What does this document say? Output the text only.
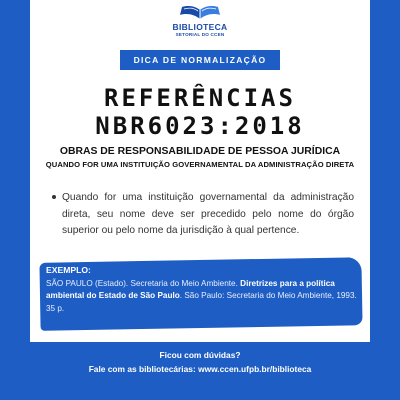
BIBLIOTECA
SETORIAL DO CCEN
DICA DE NORMALIZAÇÃO
REFERÊNCIAS
NBR6023:2018
OBRAS DE RESPONSABILIDADE DE PESSOA JURÍDICA
QUANDO FOR UMA INSTITUIÇÃO GOVERNAMENTAL DA ADMINISTRAÇÃO DIRETA

Quando for uma instituição governamental da administração direta, seu nome deve ser precedido pelo nome do órgão superior ou pelo nome da jurisdição à qual pertence.

EXEMPLO:
SÃO PAULO (Estado). Secretaria do Meio Ambiente. Diretrizes para a política ambiental do Estado de São Paulo. São Paulo: Secretaria do Meio Ambiente, 1993. 35 p.
Ficou com dúvidas?
Fale com as bibliotecárias: www.ccen.ufpb.br/biblioteca
